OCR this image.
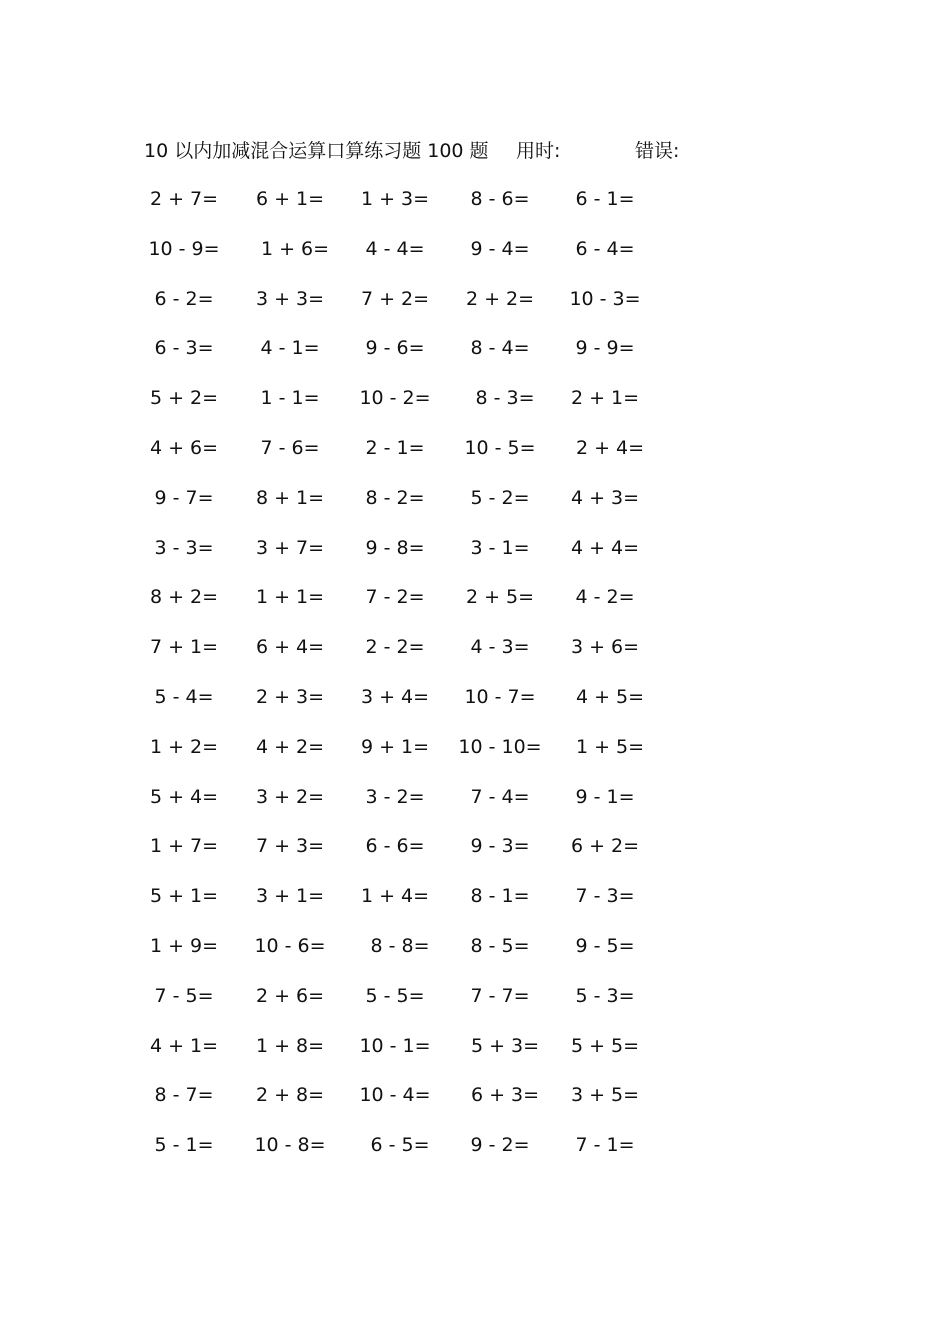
10 以内加减混合运算口算练习题 100 题 用时:	错误:
2 + 7=	6 + 1=	1 + 3=	8 - 6=	6 - 1=
10 - 9=	1 + 6=	4 - 4=	9 - 4=	6 - 4=
6 - 2=	3 + 3=	7 + 2=	2 + 2=	10 - 3=
6 - 3=	4 - 1=	9 - 6=	8 - 4=	9 - 9=
5 + 2=	1 - 1=	10 - 2=	8 - 3=	2 + 1=
4 + 6=	7 - 6=	2 - 1=	10 - 5=	2 + 4=
9 - 7=	8 + 1=	8 - 2=	5 - 2=	4 + 3=
3 - 3=	3 + 7=	9 - 8=	3 - 1=	4 + 4=
8 + 2=	1 + 1=	7 - 2=	2 + 5=	4 - 2=
7 + 1=	6 + 4=	2 - 2=	4 - 3=	3 + 6=
5 - 4=	2 + 3=	3 + 4=	10 - 7=	4 + 5=
1 + 2=	4 + 2=	9 + 1=	10 - 10=	1 + 5=
5 + 4=	3 + 2=	3 - 2=	7 - 4=	9 - 1=
1 + 7=	7 + 3=	6 - 6=	9 - 3=	6 + 2=
5 + 1=	3 + 1=	1 + 4=	8 - 1=	7 - 3=
1 + 9=	10 - 6=	8 - 8=	8 - 5=	9 - 5=
7 - 5=	2 + 6=	5 - 5=	7 - 7=	5 - 3=
4 + 1=	1 + 8=	10 - 1=	5 + 3=	5 + 5=
8 - 7=	2 + 8=	10 - 4=	6 + 3=	3 + 5=
5 - 1=	10 - 8=	6 - 5=	9 - 2=	7 - 1=
